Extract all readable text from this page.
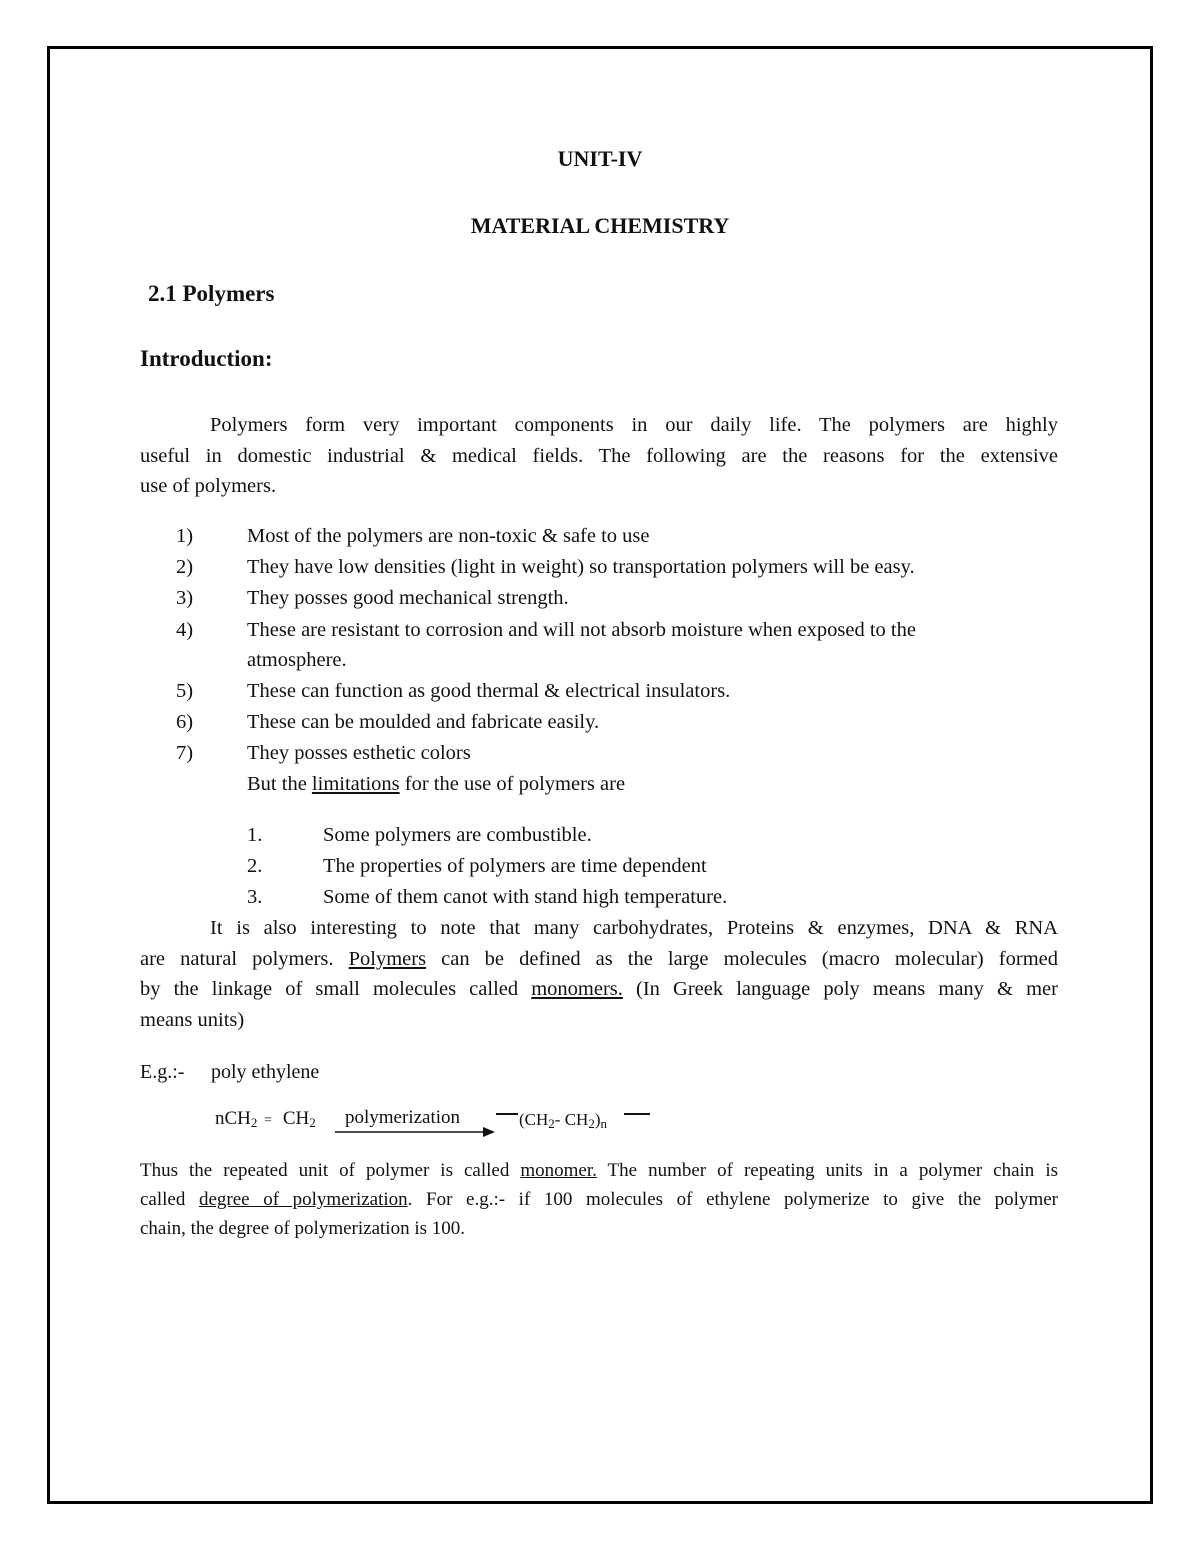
UNIT-IV
MATERIAL CHEMISTRY
2.1 Polymers
Introduction:
Polymers form very important components in our daily life. The polymers are highly
useful in domestic industrial & medical fields. The following are the reasons for the extensive
use of polymers.
1)	Most of the polymers are non-toxic & safe to use
2)	They have low densities (light in weight) so transportation polymers will be easy.
3)	They posses good mechanical strength.
4)	These are resistant to corrosion and will not absorb moisture when exposed to the
atmosphere.
5)	These can function as good thermal & electrical insulators.
6)	These can be moulded and fabricate easily.
7)	They posses esthetic colors
But the limitations for the use of polymers are
1.	Some polymers are combustible.
2.	The properties of polymers are time dependent
3.	Some of them canot with stand high temperature.
It is also interesting to note that many carbohydrates, Proteins & enzymes, DNA & RNA
are natural polymers. Polymers can be defined as the large molecules (macro molecular) formed
by the linkage of small molecules called monomers. (In Greek language poly means many & mer
means units)
E.g.:- poly ethylene
$nCH_2 = CH_2$ polymerization	($CH_2-$ $CH_2)_n$
Thus the repeated unit of polymer is called monomer. The number of repeating units in a polymer chain is
called degree of polymerization. For e.g.:- if 100 molecules of ethylene polymerize to give the polymer
chain, the degree of polymerization is 100.
